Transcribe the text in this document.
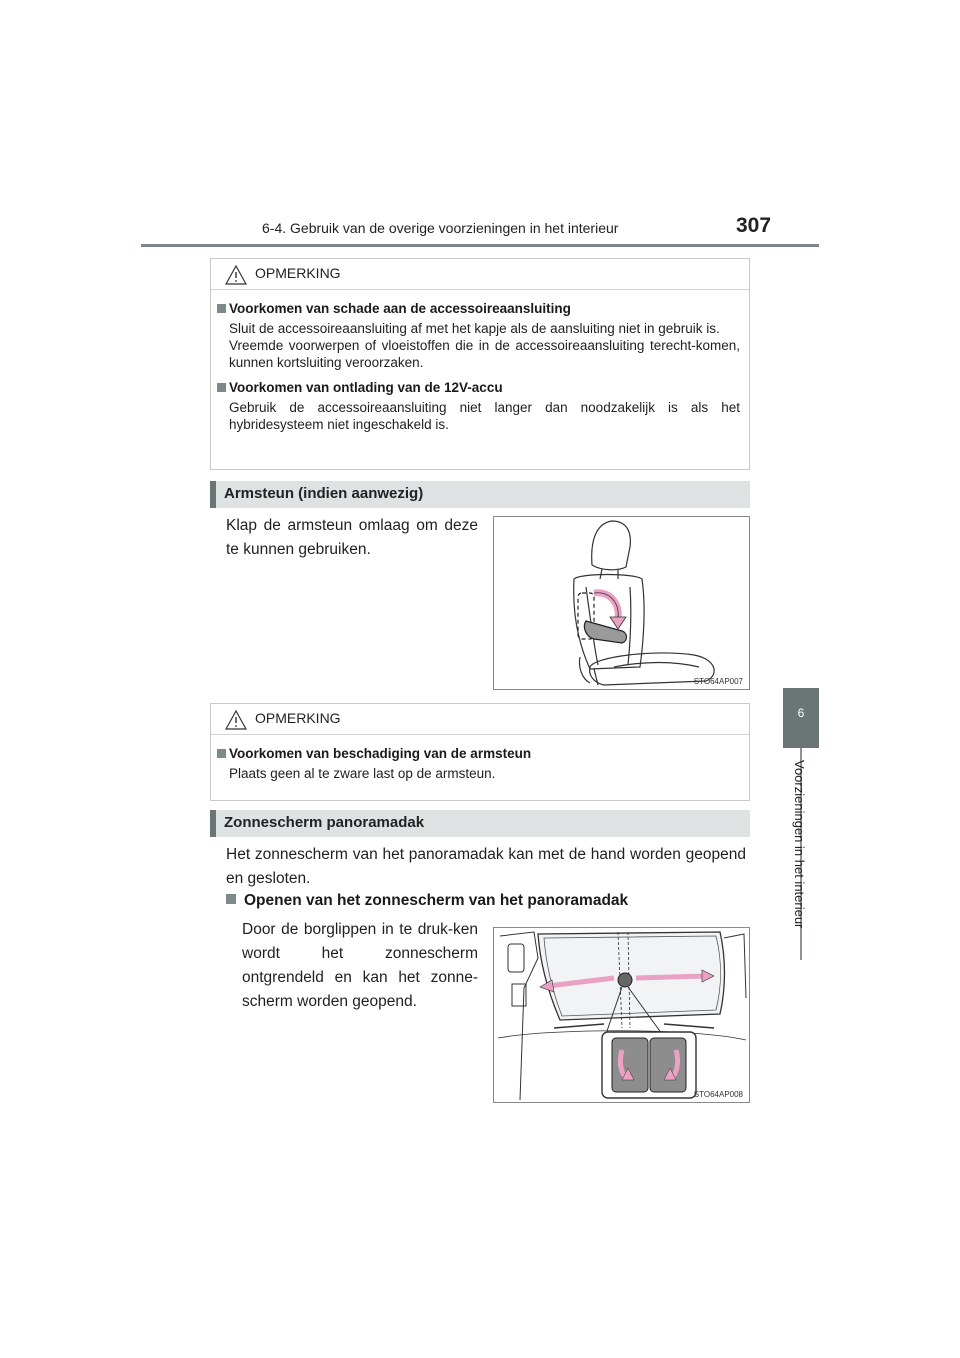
6-4. Gebruik van de overige voorzieningen in het interieur	307
6
Voorzieningen in het interieur
OPMERKING
Voorkomen van schade aan de accessoireaansluiting
Sluit de accessoireaansluiting af met het kapje als de aansluiting niet in gebruik is.
Vreemde voorwerpen of vloeistoffen die in de accessoireaansluiting terecht-komen, kunnen kortsluiting veroorzaken.
Voorkomen van ontlading van de 12V-accu
Gebruik de accessoireaansluiting niet langer dan noodzakelijk is als het hybridesysteem niet ingeschakeld is.
Armsteun (indien aanwezig)
Klap de armsteun omlaag om deze te kunnen gebruiken.
STO64AP007
OPMERKING
Voorkomen van beschadiging van de armsteun
Plaats geen al te zware last op de armsteun.
Zonnescherm panoramadak
Het zonnescherm van het panoramadak kan met de hand worden geopend en gesloten.
Openen van het zonnescherm van het panoramadak
Door de borglippen in te druk-ken wordt het zonnescherm ontgrendeld en kan het zonne-scherm worden geopend.
STO64AP008
